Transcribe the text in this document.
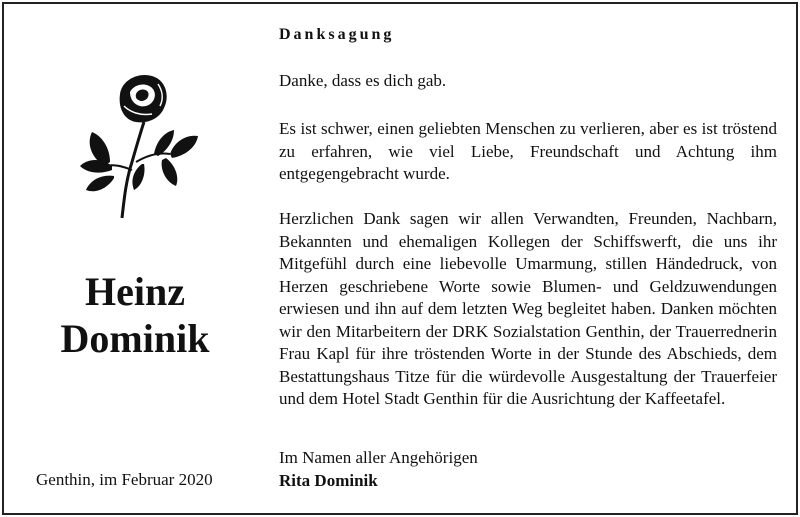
Heinz
Dominik
Genthin, im Februar 2020
Danksagung
Danke, dass es dich gab.
Es ist schwer, einen geliebten Menschen zu verlieren, aber es ist tröstend zu erfahren, wie viel Liebe, Freundschaft und Achtung ihm entgegengebracht wurde.
Herzlichen Dank sagen wir allen Verwandten, Freunden, Nachbarn, Bekannten und ehemaligen Kollegen der Schiffswerft, die uns ihr Mitgefühl durch eine liebevolle Umarmung, stillen Händedruck, von Herzen geschriebene Worte sowie Blumen- und Geldzuwendungen erwiesen und ihn auf dem letzten Weg begleitet haben. Danken möchten wir den Mitarbeitern der DRK Sozialstation Genthin, der Trauerrednerin Frau Kapl für ihre tröstenden Worte in der Stunde des Abschieds, dem Bestattungshaus Titze für die würdevolle Ausgestaltung der Trauerfeier und dem Hotel Stadt Genthin für die Ausrichtung der Kaffeetafel.
Im Namen aller Angehörigen
Rita Dominik
